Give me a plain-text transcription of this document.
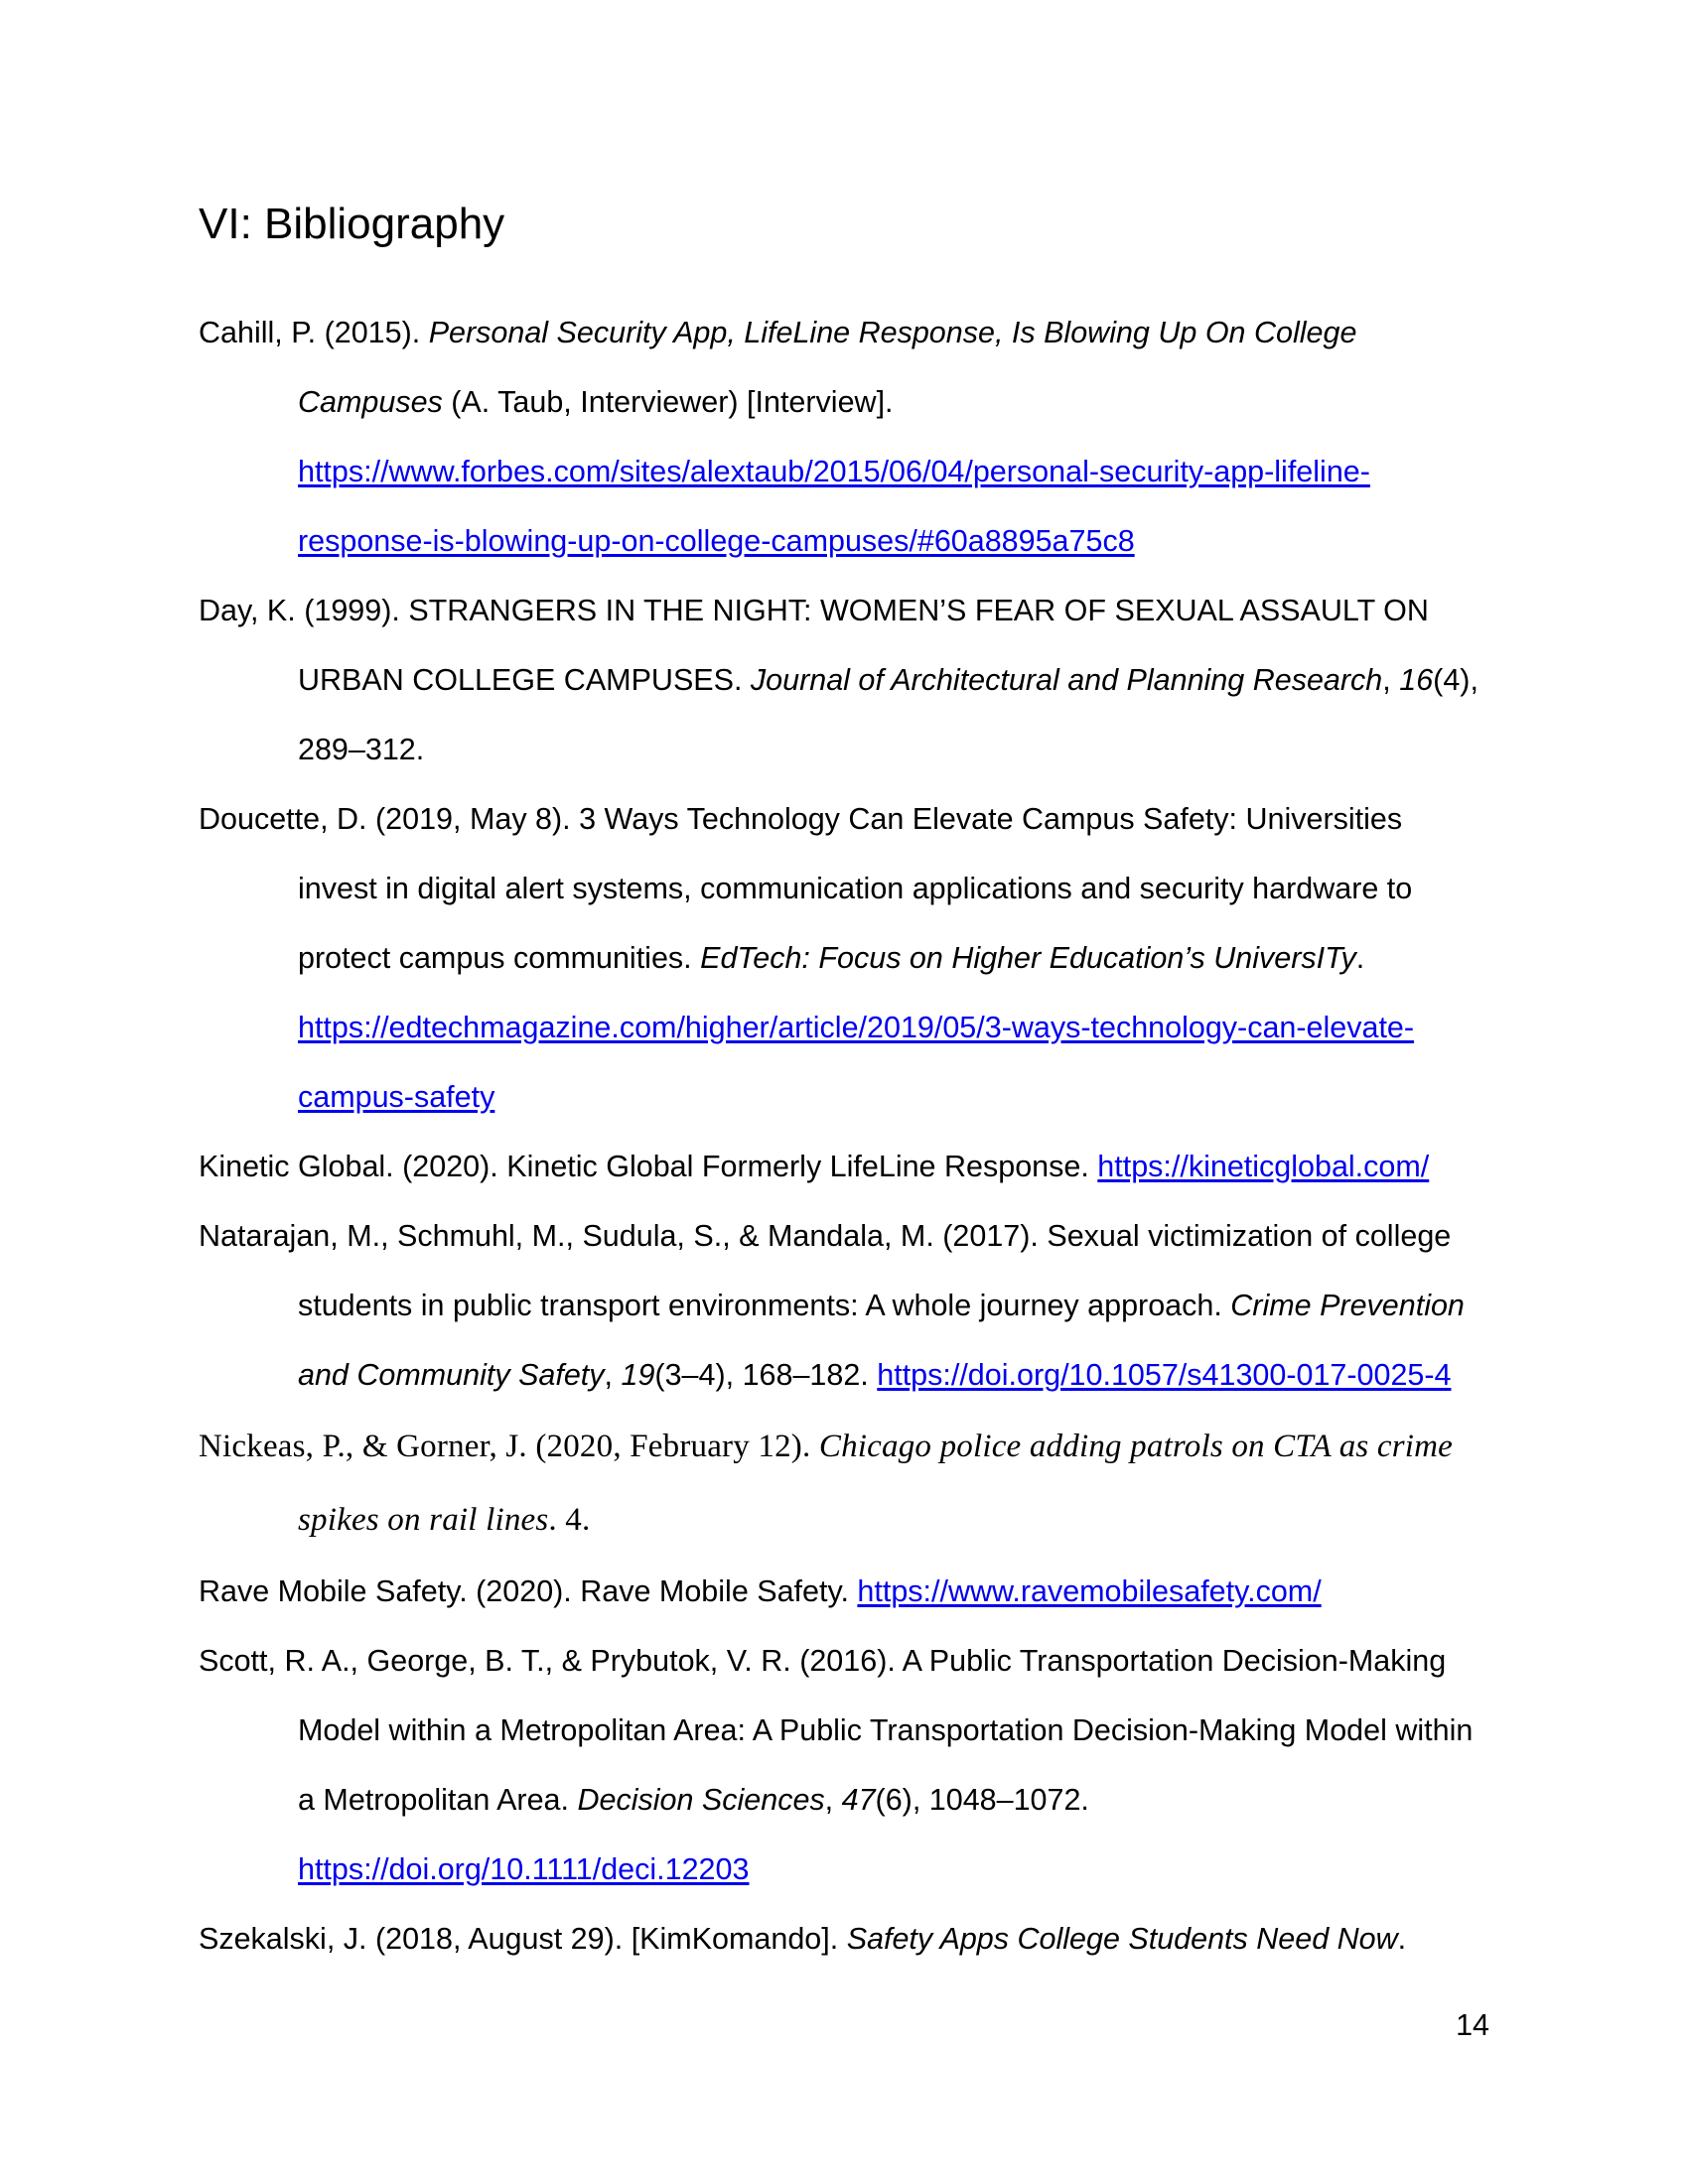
VI: Bibliography

Cahill, P. (2015). Personal Security App, LifeLine Response, Is Blowing Up On College Campuses (A. Taub, Interviewer) [Interview]. https://www.forbes.com/sites/alextaub/2015/06/04/personal-security-app-lifeline-response-is-blowing-up-on-college-campuses/#60a8895a75c8

Day, K. (1999). STRANGERS IN THE NIGHT: WOMEN’S FEAR OF SEXUAL ASSAULT ON URBAN COLLEGE CAMPUSES. Journal of Architectural and Planning Research, 16(4), 289–312.

Doucette, D. (2019, May 8). 3 Ways Technology Can Elevate Campus Safety: Universities invest in digital alert systems, communication applications and security hardware to protect campus communities. EdTech: Focus on Higher Education’s UniversITy. https://edtechmagazine.com/higher/article/2019/05/3-ways-technology-can-elevate-campus-safety

Kinetic Global. (2020). Kinetic Global Formerly LifeLine Response. https://kineticglobal.com/

Natarajan, M., Schmuhl, M., Sudula, S., & Mandala, M. (2017). Sexual victimization of college students in public transport environments: A whole journey approach. Crime Prevention and Community Safety, 19(3–4), 168–182. https://doi.org/10.1057/s41300-017-0025-4

Nickeas, P., & Gorner, J. (2020, February 12). Chicago police adding patrols on CTA as crime spikes on rail lines. 4.

Rave Mobile Safety. (2020). Rave Mobile Safety. https://www.ravemobilesafety.com/

Scott, R. A., George, B. T., & Prybutok, V. R. (2016). A Public Transportation Decision-Making Model within a Metropolitan Area: A Public Transportation Decision-Making Model within a Metropolitan Area. Decision Sciences, 47(6), 1048–1072. https://doi.org/10.1111/deci.12203

Szekalski, J. (2018, August 29). [KimKomando]. Safety Apps College Students Need Now.

14
